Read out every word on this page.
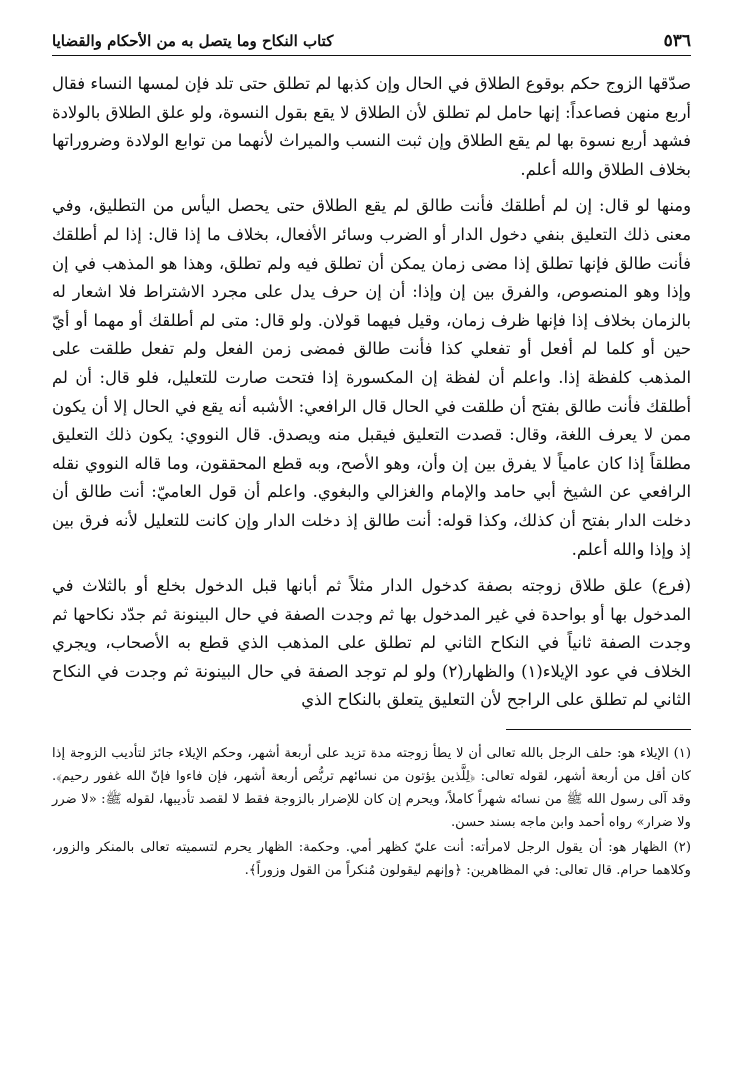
٥٣٦
كتاب النكاح وما يتصل به من الأحكام والقضايا

صدّقها الزوج حكم بوقوع الطلاق في الحال وإن كذبها لم تطلق حتى تلد فإن لمسها النساء فقال أربع منهن فصاعداً: إنها حامل لم تطلق لأن الطلاق لا يقع بقول النسوة، ولو علق الطلاق بالولادة فشهد أربع نسوة بها لم يقع الطلاق وإن ثبت النسب والميراث لأنهما من توابع الولادة وضروراتها بخلاف الطلاق والله أعلم.

ومنها لو قال: إن لم أطلقك فأنت طالق لم يقع الطلاق حتى يحصل اليأس من التطليق، وفي معنى ذلك التعليق بنفي دخول الدار أو الضرب وسائر الأفعال، بخلاف ما إذا قال: إذا لم أطلقك فأنت طالق فإنها تطلق إذا مضى زمان يمكن أن تطلق فيه ولم تطلق، وهذا هو المذهب في إن وإذا وهو المنصوص، والفرق بين إن وإذا: أن إن حرف يدل على مجرد الاشتراط فلا اشعار له بالزمان بخلاف إذا فإنها ظرف زمان، وقيل فيهما قولان. ولو قال: متى لم أطلقك أو مهما أو أيّ حين أو كلما لم أفعل أو تفعلي كذا فأنت طالق فمضى زمن الفعل ولم تفعل طلقت على المذهب كلفظة إذا. واعلم أن لفظة إن المكسورة إذا فتحت صارت للتعليل، فلو قال: أن لم أطلقك فأنت طالق بفتح أن طلقت في الحال قال الرافعي: الأشبه أنه يقع في الحال إلا أن يكون ممن لا يعرف اللغة، وقال: قصدت التعليق فيقبل منه ويصدق. قال النووي: يكون ذلك التعليق مطلقاً إذا كان عامياً لا يفرق بين إن وأن، وهو الأصح، وبه قطع المحققون، وما قاله النووي نقله الرافعي عن الشيخ أبي حامد والإمام والغزالي والبغوي. واعلم أن قول العاميّ: أنت طالق أن دخلت الدار بفتح أن كذلك، وكذا قوله: أنت طالق إذ دخلت الدار وإن كانت للتعليل لأنه فرق بين إذ وإذا والله أعلم.

(فرع) علق طلاق زوجته بصفة كدخول الدار مثلاً ثم أبانها قبل الدخول بخلع أو بالثلاث في المدخول بها أو بواحدة في غير المدخول بها ثم وجدت الصفة في حال البينونة ثم جدّد نكاحها ثم وجدت الصفة ثانياً في النكاح الثاني لم تطلق على المذهب الذي قطع به الأصحاب، ويجري الخلاف في عود الإيلاء(١) والظهار(٢) ولو لم توجد الصفة في حال البينونة ثم وجدت في النكاح الثاني لم تطلق على الراجح لأن التعليق يتعلق بالنكاح الذي

(١) الإيلاء هو: حلف الرجل بالله تعالى أن لا يطأ زوجته مدة تزيد على أربعة أشهر، وحكم الإيلاء جائز لتأديب الزوجة إذا كان أقل من أربعة أشهر، لقوله تعالى: ﴿لِلَّذين يؤتون من نسائهم تربُّص أربعة أشهر، فإن فاءوا فإنّ الله غفور رحيم﴾. وقد آلى رسول الله ﷺ من نسائه شهراً كاملاً، ويحرم إن كان للإضرار بالزوجة فقط لا لقصد تأديبها، لقوله ﷺ: «لا ضرر ولا ضرار» رواه أحمد وابن ماجه بسند حسن.

(٢) الظهار هو: أن يقول الرجل لامرأته: أنت عليّ كظهر أمي. وحكمة: الظهار يحرم لتسميته تعالى بالمنكر والزور، وكلاهما حرام. قال تعالى: في المظاهرين: ﴿وإنهم ليقولون مُنكراً من القول وزوراً﴾.
